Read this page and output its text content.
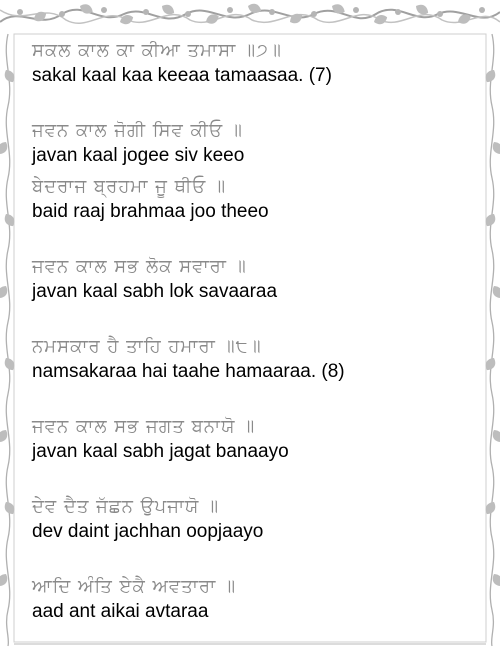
ਸਕਲ ਕਾਲ ਕਾ ਕੀਆ ਤਮਾਸਾ ॥੭॥
sakal kaal kaa keeaa tamaasaa. (7)
ਜਵਨ ਕਾਲ ਜੋਗੀ ਸਿਵ ਕੀਓ ॥
javan kaal jogee siv keeo
ਬੇਦਰਾਜ ਬ੍ਰਹਮਾ ਜੂ ਥੀਓ ॥
baid raaj brahmaa joo theeo
ਜਵਨ ਕਾਲ ਸਭ ਲੋਕ ਸਵਾਰਾ ॥
javan kaal sabh lok savaaraa
ਨਮਸਕਾਰ ਹੈ ਤਾਹਿ ਹਮਾਰਾ ॥੮॥
namsakaraa hai taahe hamaaraa. (8)
ਜਵਨ ਕਾਲ ਸਭ ਜਗਤ ਬਨਾਯੋ ॥
javan kaal sabh jagat banaayo
ਦੇਵ ਦੈਤ ਜੱਛਨ ਉਪਜਾਯੋ ॥
dev daint jachhan oopjaayo
ਆਦਿ ਅੰਤਿ ਏਕੈ ਅਵਤਾਰਾ ॥
aad ant aikai avtaraa
